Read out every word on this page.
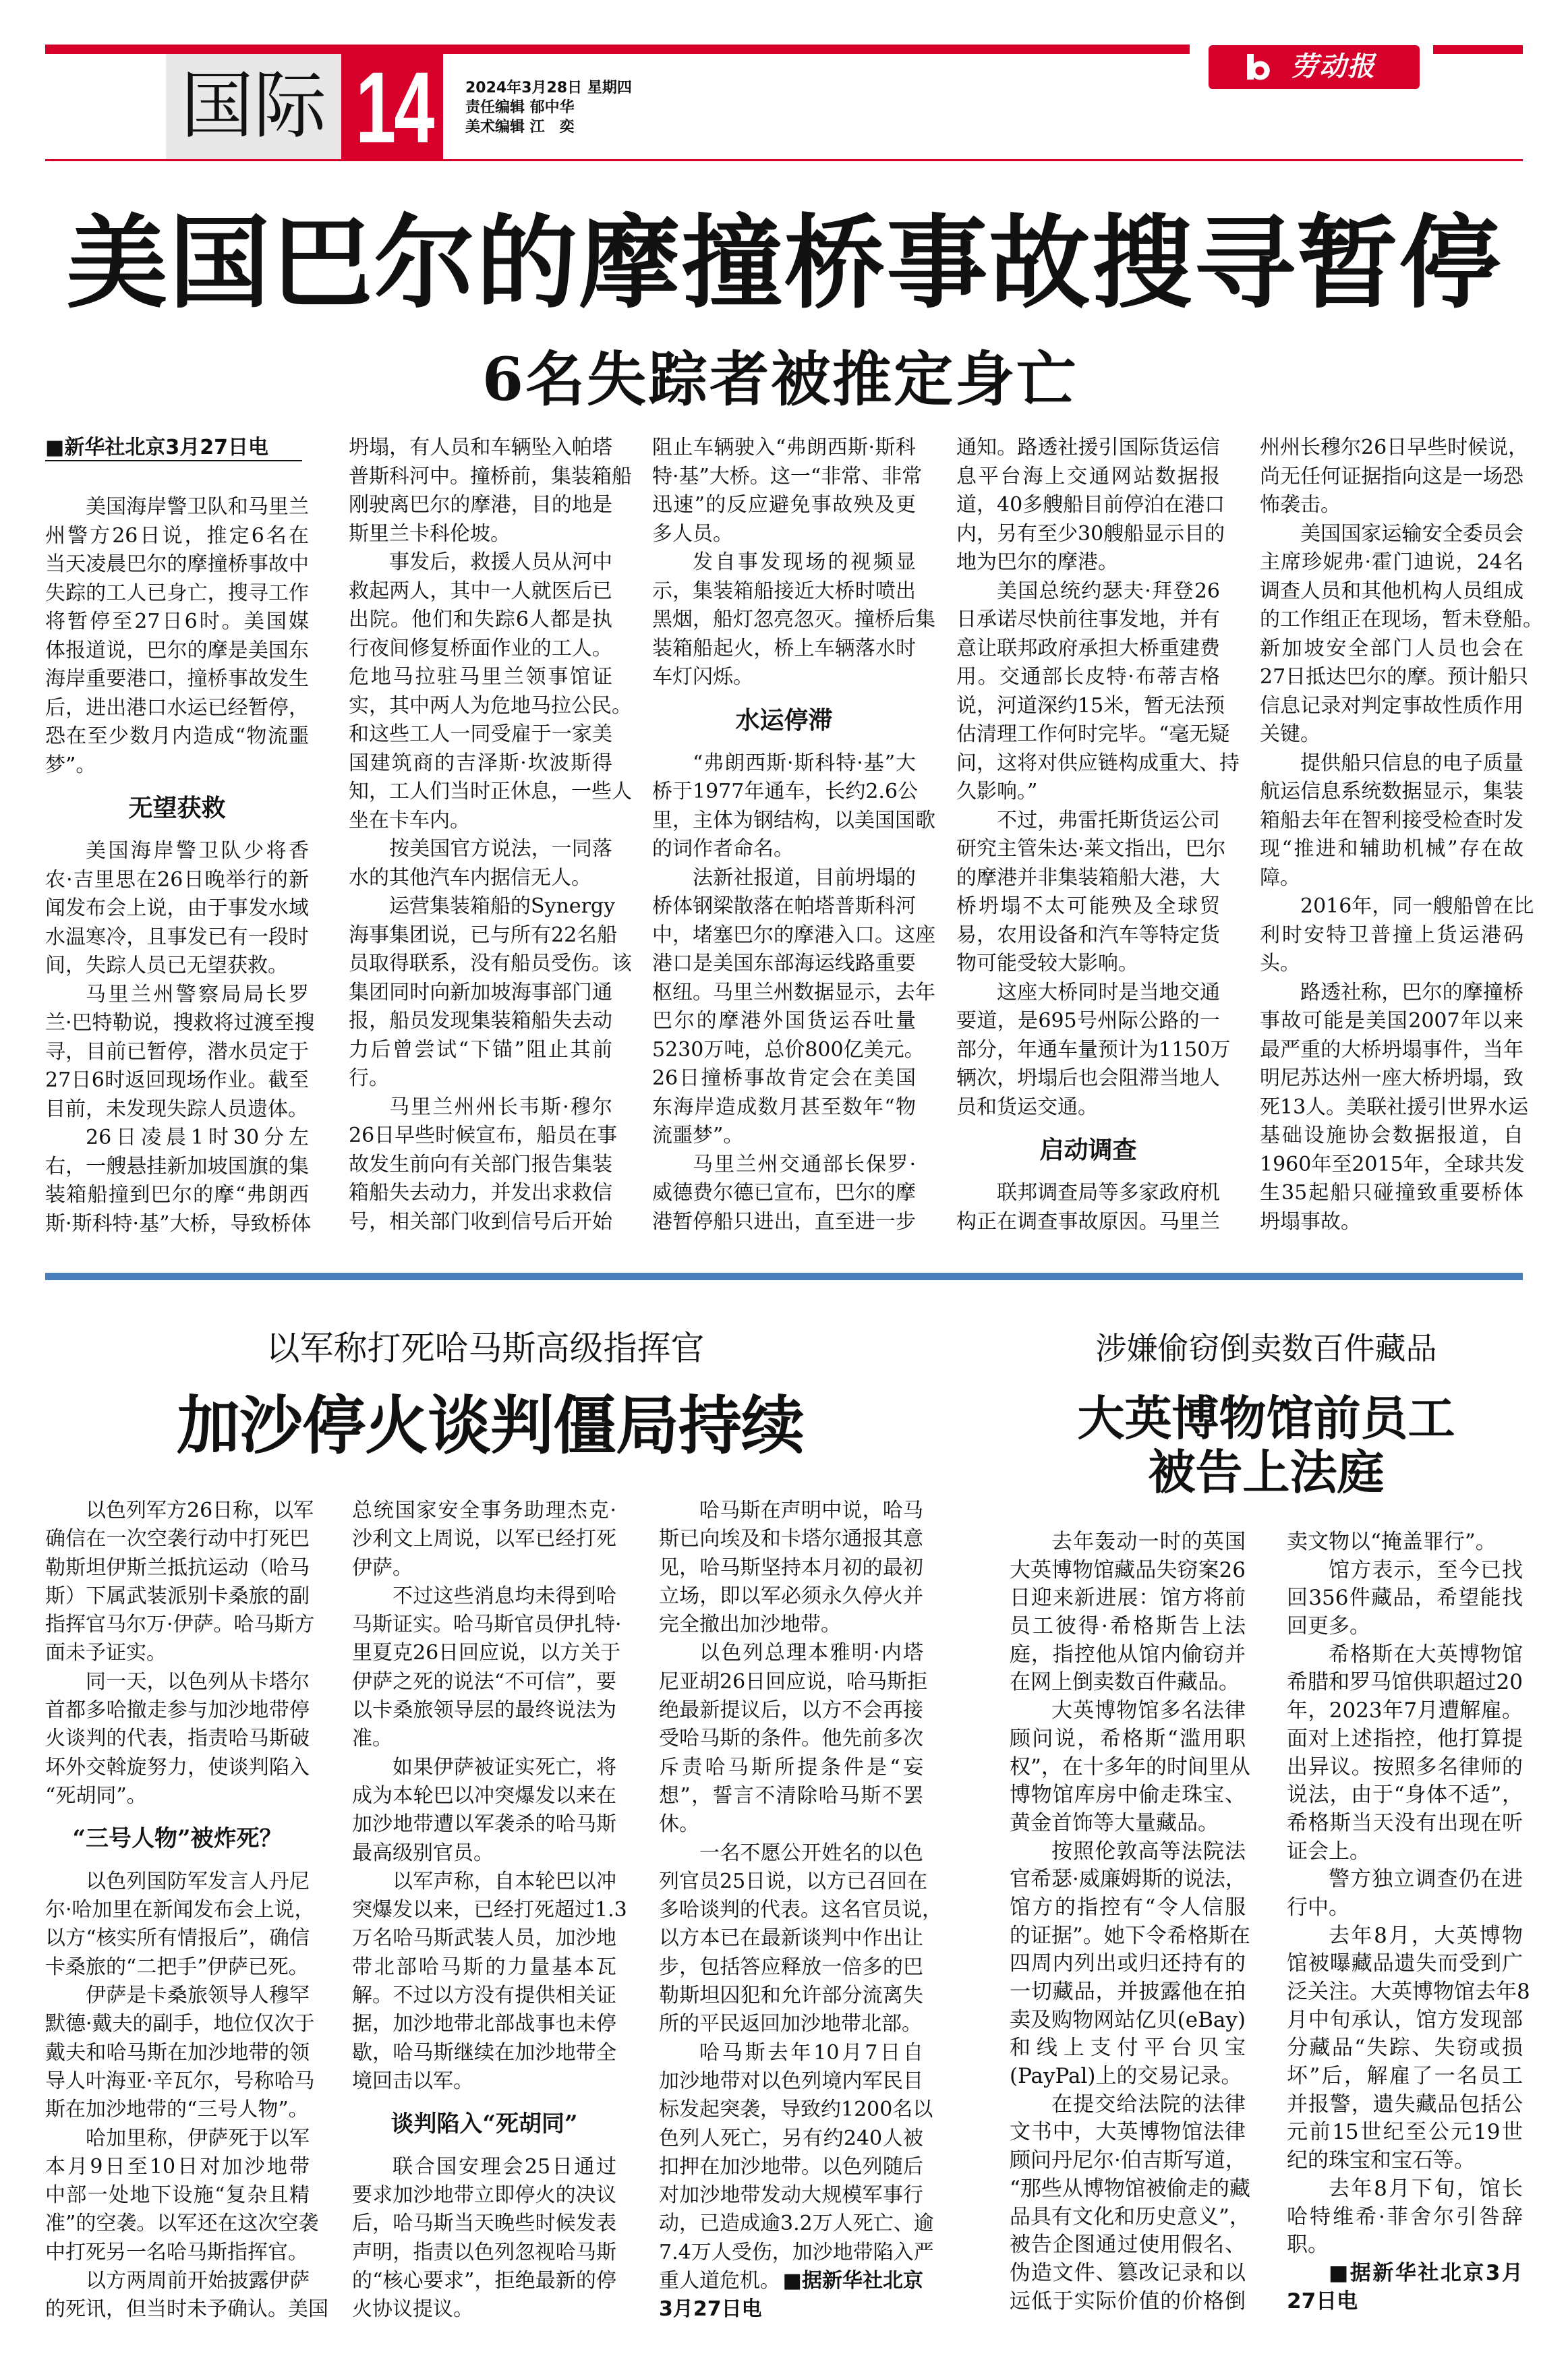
国际 14 2024年3月28日 星期四
责任编辑 郁中华
美术编辑 江　奕
劳动报
美国巴尔的摩撞桥事故搜寻暂停
6名失踪者被推定身亡
■新华社北京3月27日电
美国海岸警卫队和马里兰
州警方26日说，推定6名在
当天凌晨巴尔的摩撞桥事故中
失踪的工人已身亡，搜寻工作
将暂停至27日6时。美国媒
体报道说，巴尔的摩是美国东
海岸重要港口，撞桥事故发生
后，进出港口水运已经暂停，
恐在至少数月内造成“物流噩
梦”。
无望获救
美国海岸警卫队少将香
农·吉里思在26日晚举行的新
闻发布会上说，由于事发水域
水温寒冷，且事发已有一段时
间，失踪人员已无望获救。
马里兰州警察局局长罗
兰·巴特勒说，搜救将过渡至搜
寻，目前已暂停，潜水员定于
27日6时返回现场作业。截至
目前，未发现失踪人员遗体。
26日凌晨1时30分左
右，一艘悬挂新加坡国旗的集
装箱船撞到巴尔的摩“弗朗西
斯·斯科特·基”大桥，导致桥体
坍塌，有人员和车辆坠入帕塔
普斯科河中。撞桥前，集装箱船
刚驶离巴尔的摩港，目的地是
斯里兰卡科伦坡。
事发后，救援人员从河中
救起两人，其中一人就医后已
出院。他们和失踪6人都是执
行夜间修复桥面作业的工人。
危地马拉驻马里兰领事馆证
实，其中两人为危地马拉公民。
和这些工人一同受雇于一家美
国建筑商的吉泽斯·坎波斯得
知，工人们当时正休息，一些人
坐在卡车内。
按美国官方说法，一同落
水的其他汽车内据信无人。
运营集装箱船的Synergy
海事集团说，已与所有22名船
员取得联系，没有船员受伤。该
集团同时向新加坡海事部门通
报，船员发现集装箱船失去动
力后曾尝试“下锚”阻止其前
行。
马里兰州州长韦斯·穆尔
26日早些时候宣布，船员在事
故发生前向有关部门报告集装
箱船失去动力，并发出求救信
号，相关部门收到信号后开始
阻止车辆驶入“弗朗西斯·斯科
特·基”大桥。这一“非常、非常
迅速”的反应避免事故殃及更
多人员。
发自事发现场的视频显
示，集装箱船接近大桥时喷出
黑烟，船灯忽亮忽灭。撞桥后集
装箱船起火，桥上车辆落水时
车灯闪烁。
水运停滞
“弗朗西斯·斯科特·基”大
桥于1977年通车，长约2.6公
里，主体为钢结构，以美国国歌
的词作者命名。
法新社报道，目前坍塌的
桥体钢梁散落在帕塔普斯科河
中，堵塞巴尔的摩港入口。这座
港口是美国东部海运线路重要
枢纽。马里兰州数据显示，去年
巴尔的摩港外国货运吞吐量
5230万吨，总价800亿美元。
26日撞桥事故肯定会在美国
东海岸造成数月甚至数年“物
流噩梦”。
马里兰州交通部长保罗·
威德费尔德已宣布，巴尔的摩
港暂停船只进出，直至进一步
通知。路透社援引国际货运信
息平台海上交通网站数据报
道，40多艘船目前停泊在港口
内，另有至少30艘船显示目的
地为巴尔的摩港。
美国总统约瑟夫·拜登26
日承诺尽快前往事发地，并有
意让联邦政府承担大桥重建费
用。交通部长皮特·布蒂吉格
说，河道深约15米，暂无法预
估清理工作何时完毕。“毫无疑
问，这将对供应链构成重大、持
久影响。”
不过，弗雷托斯货运公司
研究主管朱达·莱文指出，巴尔
的摩港并非集装箱船大港，大
桥坍塌不太可能殃及全球贸
易，农用设备和汽车等特定货
物可能受较大影响。
这座大桥同时是当地交通
要道，是695号州际公路的一
部分，年通车量预计为1150万
辆次，坍塌后也会阻滞当地人
员和货运交通。
启动调查
联邦调查局等多家政府机
构正在调查事故原因。马里兰
州州长穆尔26日早些时候说，
尚无任何证据指向这是一场恐
怖袭击。
美国国家运输安全委员会
主席珍妮弗·霍门迪说，24名
调查人员和其他机构人员组成
的工作组正在现场，暂未登船。
新加坡安全部门人员也会在
27日抵达巴尔的摩。预计船只
信息记录对判定事故性质作用
关键。
提供船只信息的电子质量
航运信息系统数据显示，集装
箱船去年在智利接受检查时发
现“推进和辅助机械”存在故
障。
2016年，同一艘船曾在比
利时安特卫普撞上货运港码
头。
路透社称，巴尔的摩撞桥
事故可能是美国2007年以来
最严重的大桥坍塌事件，当年
明尼苏达州一座大桥坍塌，致
死13人。美联社援引世界水运
基础设施协会数据报道，自
1960年至2015年，全球共发
生35起船只碰撞致重要桥体
坍塌事故。
以军称打死哈马斯高级指挥官
加沙停火谈判僵局持续
以色列军方26日称，以军
确信在一次空袭行动中打死巴
勒斯坦伊斯兰抵抗运动（哈马
斯）下属武装派别卡桑旅的副
指挥官马尔万·伊萨。哈马斯方
面未予证实。
同一天，以色列从卡塔尔
首都多哈撤走参与加沙地带停
火谈判的代表，指责哈马斯破
坏外交斡旋努力，使谈判陷入
“死胡同”。
“三号人物”被炸死？
以色列国防军发言人丹尼
尔·哈加里在新闻发布会上说，
以方“核实所有情报后”，确信
卡桑旅的“二把手”伊萨已死。
伊萨是卡桑旅领导人穆罕
默德·戴夫的副手，地位仅次于
戴夫和哈马斯在加沙地带的领
导人叶海亚·辛瓦尔，号称哈马
斯在加沙地带的“三号人物”。
哈加里称，伊萨死于以军
本月9日至10日对加沙地带
中部一处地下设施“复杂且精
准”的空袭。以军还在这次空袭
中打死另一名哈马斯指挥官。
以方两周前开始披露伊萨
的死讯，但当时未予确认。美国
总统国家安全事务助理杰克·
沙利文上周说，以军已经打死
伊萨。
不过这些消息均未得到哈
马斯证实。哈马斯官员伊扎特·
里夏克26日回应说，以方关于
伊萨之死的说法“不可信”，要
以卡桑旅领导层的最终说法为
准。
如果伊萨被证实死亡，将
成为本轮巴以冲突爆发以来在
加沙地带遭以军袭杀的哈马斯
最高级别官员。
以军声称，自本轮巴以冲
突爆发以来，已经打死超过1.3
万名哈马斯武装人员，加沙地
带北部哈马斯的力量基本瓦
解。不过以方没有提供相关证
据，加沙地带北部战事也未停
歇，哈马斯继续在加沙地带全
境回击以军。
谈判陷入“死胡同”
联合国安理会25日通过
要求加沙地带立即停火的决议
后，哈马斯当天晚些时候发表
声明，指责以色列忽视哈马斯
的“核心要求”，拒绝最新的停
火协议提议。
哈马斯在声明中说，哈马
斯已向埃及和卡塔尔通报其意
见，哈马斯坚持本月初的最初
立场，即以军必须永久停火并
完全撤出加沙地带。
以色列总理本雅明·内塔
尼亚胡26日回应说，哈马斯拒
绝最新提议后，以方不会再接
受哈马斯的条件。他先前多次
斥责哈马斯所提条件是“妄
想”，誓言不清除哈马斯不罢
休。
一名不愿公开姓名的以色
列官员25日说，以方已召回在
多哈谈判的代表。这名官员说，
以方本已在最新谈判中作出让
步，包括答应释放一倍多的巴
勒斯坦囚犯和允许部分流离失
所的平民返回加沙地带北部。
哈马斯去年10月7日自
加沙地带对以色列境内军民目
标发起突袭，导致约1200名以
色列人死亡，另有约240人被
扣押在加沙地带。以色列随后
对加沙地带发动大规模军事行
动，已造成逾3.2万人死亡、逾
7.4万人受伤，加沙地带陷入严
重人道危机。 ■据新华社北京
3月27日电
涉嫌偷窃倒卖数百件藏品
大英博物馆前员工
被告上法庭
去年轰动一时的英国
大英博物馆藏品失窃案26
日迎来新进展：馆方将前
员工彼得·希格斯告上法
庭，指控他从馆内偷窃并
在网上倒卖数百件藏品。
大英博物馆多名法律
顾问说，希格斯“滥用职
权”，在十多年的时间里从
博物馆库房中偷走珠宝、
黄金首饰等大量藏品。
按照伦敦高等法院法
官希瑟·威廉姆斯的说法，
馆方的指控有“令人信服
的证据”。她下令希格斯在
四周内列出或归还持有的
一切藏品，并披露他在拍
卖及购物网站亿贝(eBay)
和线上支付平台贝宝
(PayPal)上的交易记录。
在提交给法院的法律
文书中，大英博物馆法律
顾问丹尼尔·伯吉斯写道，
“那些从博物馆被偷走的藏
品具有文化和历史意义”，
被告企图通过使用假名、
伪造文件、篡改记录和以
远低于实际价值的价格倒
卖文物以“掩盖罪行”。
馆方表示，至今已找
回356件藏品，希望能找
回更多。
希格斯在大英博物馆
希腊和罗马馆供职超过20
年，2023年7月遭解雇。
面对上述指控，他打算提
出异议。按照多名律师的
说法，由于“身体不适”，
希格斯当天没有出现在听
证会上。
警方独立调查仍在进
行中。
去年8月，大英博物
馆被曝藏品遗失而受到广
泛关注。大英博物馆去年8
月中旬承认，馆方发现部
分藏品“失踪、失窃或损
坏”后，解雇了一名员工
并报警，遗失藏品包括公
元前15世纪至公元19世
纪的珠宝和宝石等。
去年8月下旬，馆长
哈特维希·菲舍尔引咎辞
职。
■据新华社北京3月
27日电
